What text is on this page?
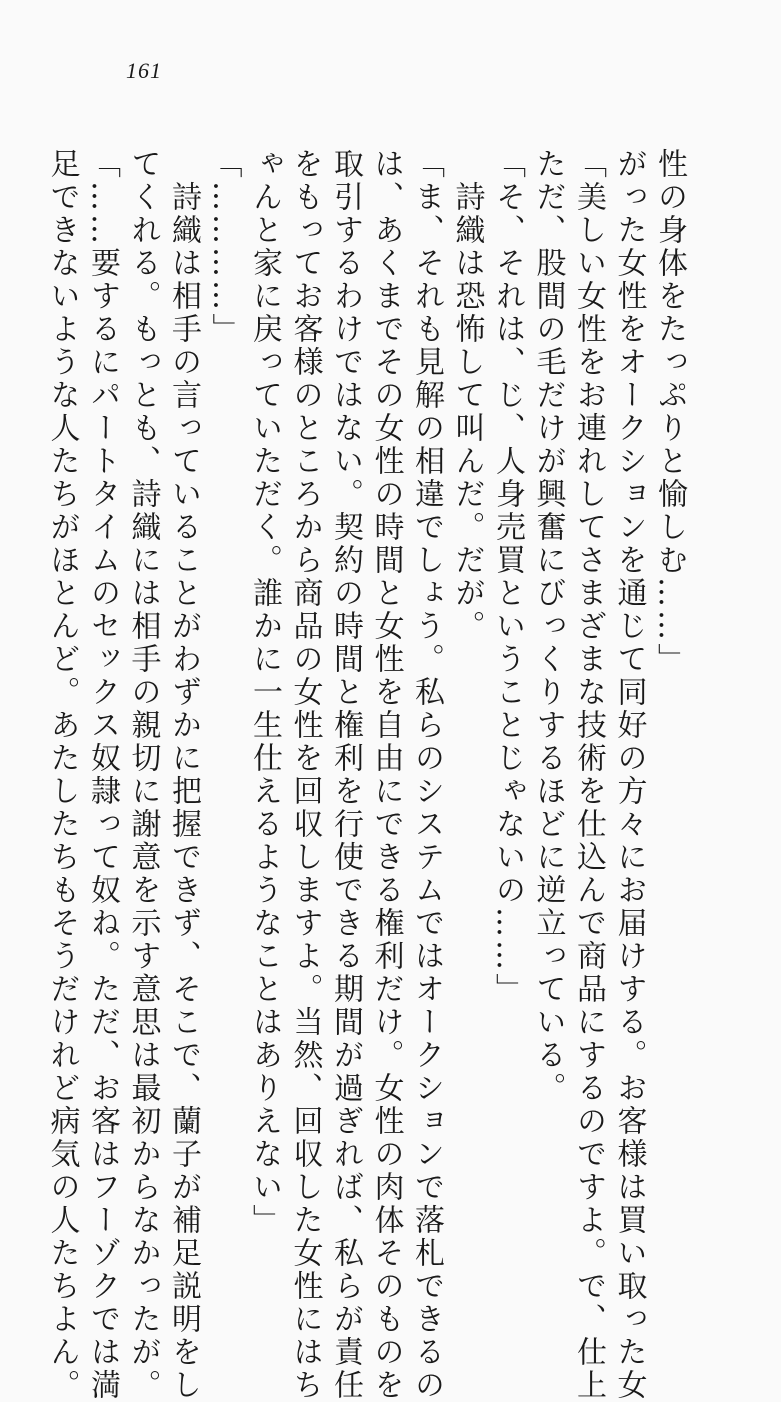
161
性の身体をたっぷりと愉しむ……」
がった女性をオークションを通じて同好の方々にお届けする。お客様は買い取った女
「美しい女性をお連れしてさまざまな技術を仕込んで商品にするのですよ。で、仕上
ただ、股間の毛だけが興奮にびっくりするほどに逆立っている。
「そ、それは、じ、人身売買ということじゃないの……」
　詩織は恐怖して叫んだ。だが。
「ま、それも見解の相違でしょう。私らのシステムではオークションで落札できるの
は、あくまでその女性の時間と女性を自由にできる権利だけ。女性の肉体そのものを
取引するわけではない。契約の時間と権利を行使できる期間が過ぎれば、私らが責任
をもってお客様のところから商品の女性を回収しますよ。当然、回収した女性にはち
ゃんと家に戻っていただく。誰かに一生仕えるようなことはありえない」
「…………」
　詩織は相手の言っていることがわずかに把握できず、そこで、蘭子が補足説明をし
てくれる。もっとも、詩織には相手の親切に謝意を示す意思は最初からなかったが。
「……要するにパートタイムのセックス奴隷って奴ね。ただ、お客はフーゾクでは満
足できないような人たちがほとんど。あたしたちもそうだけれど病気の人たちよん。
